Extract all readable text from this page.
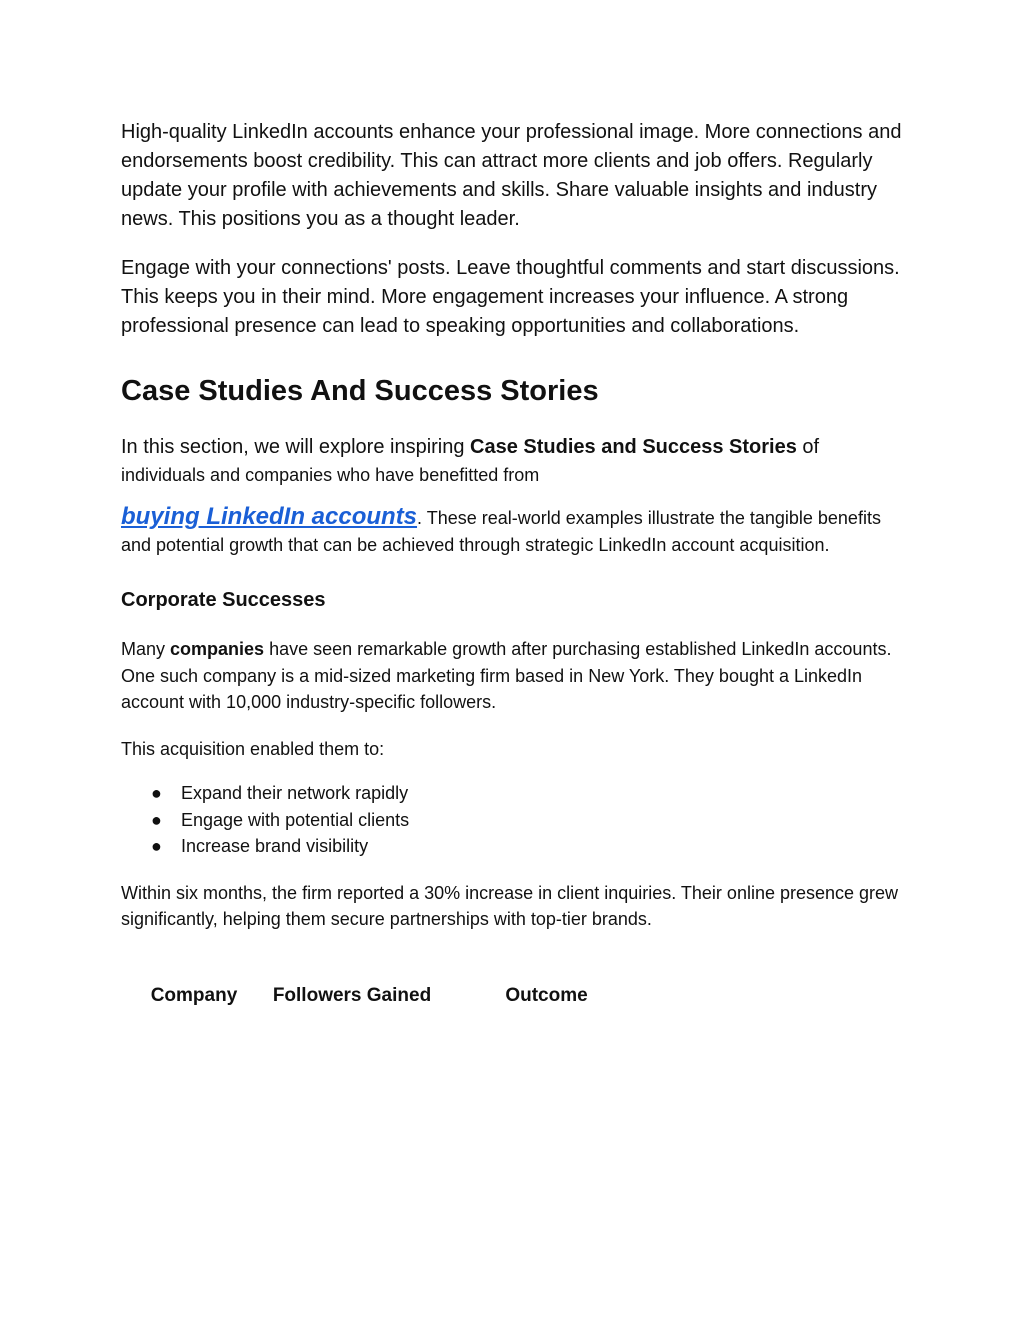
High-quality LinkedIn accounts enhance your professional image. More connections and endorsements boost credibility. This can attract more clients and job offers. Regularly update your profile with achievements and skills. Share valuable insights and industry news. This positions you as a thought leader.

Engage with your connections' posts. Leave thoughtful comments and start discussions. This keeps you in their mind. More engagement increases your influence. A strong professional presence can lead to speaking opportunities and collaborations.

Case Studies And Success Stories

In this section, we will explore inspiring Case Studies and Success Stories of
individuals and companies who have benefitted from

buying LinkedIn accounts. These real-world examples illustrate the tangible benefits and potential growth that can be achieved through strategic LinkedIn account acquisition.

Corporate Successes

Many companies have seen remarkable growth after purchasing established LinkedIn accounts. One such company is a mid-sized marketing firm based in New York. They bought a LinkedIn account with 10,000 industry-specific followers.

This acquisition enabled them to:

●	Expand their network rapidly
●	Engage with potential clients
●	Increase brand visibility

Within six months, the firm reported a 30% increase in client inquiries. Their online presence grew significantly, helping them secure partnerships with top-tier brands.

Company	Followers Gained	Outcome
